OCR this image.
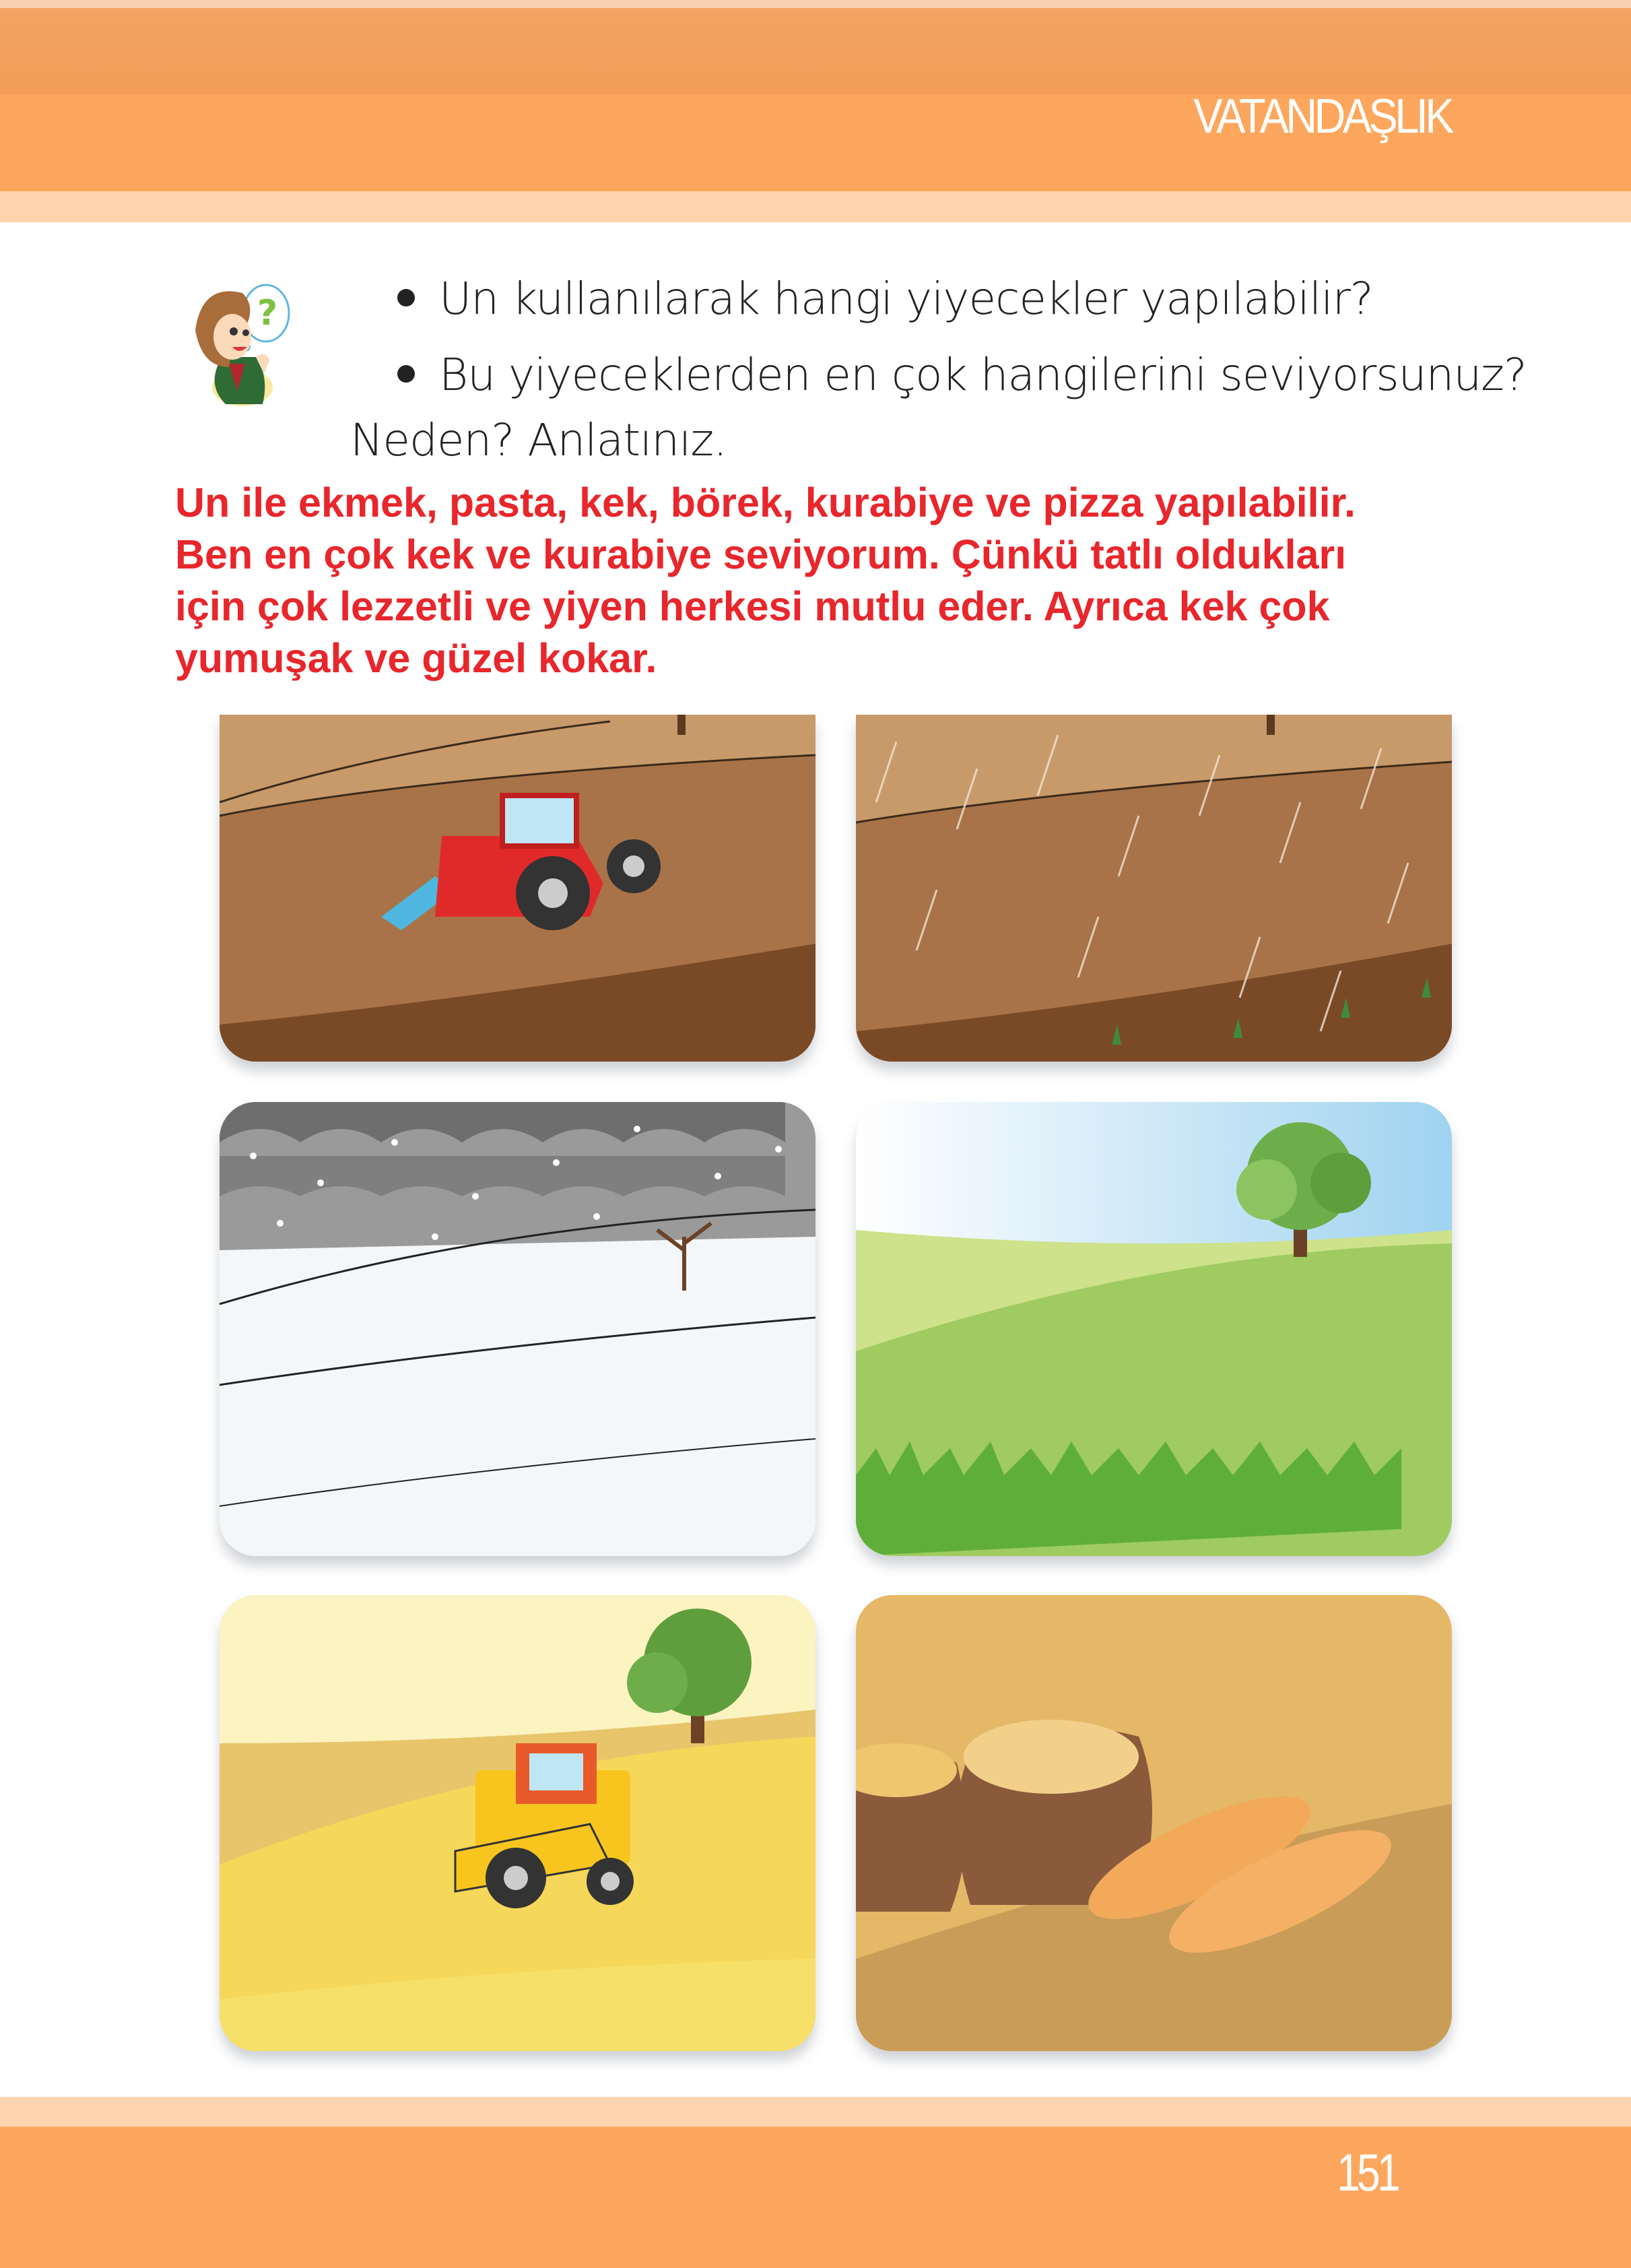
VATANDAŞLIK
?	Un kullanılarak hangi yiyecekler yapılabilir?
Bu yiyeceklerden en çok hangilerini seviyorsunuz?
Neden? Anlatınız.
Un ile ekmek, pasta, kek, börek, kurabiye ve pizza yapılabilir.
Ben en çok kek ve kurabiye seviyorum. Çünkü tatlı oldukları
için çok lezzetli ve yiyen herkesi mutlu eder. Ayrıca kek çok
yumuşak ve güzel kokar.
151
